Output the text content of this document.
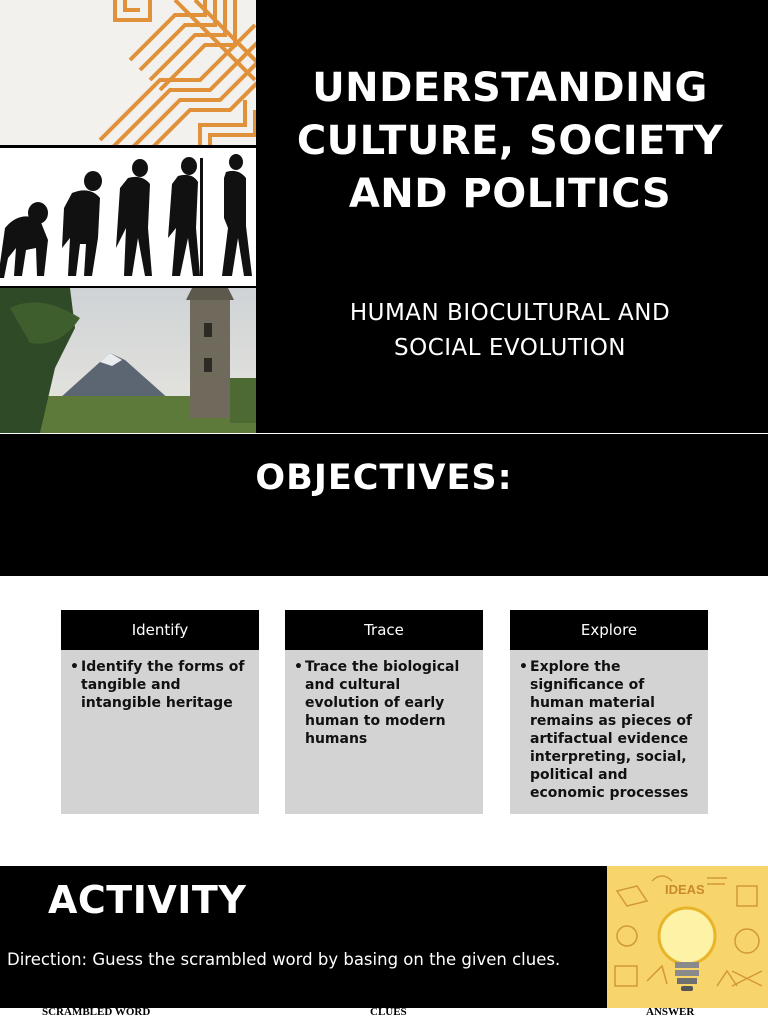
UNDERSTANDING
CULTURE, SOCIETY
AND POLITICS
HUMAN BIOCULTURAL AND
SOCIAL EVOLUTION
OBJECTIVES:
Identify
• Identify the forms of tangible and intangible heritage
Trace
• Trace the biological and cultural evolution of early human to modern humans
Explore
• Explore the significance of human material remains as pieces of artifactual evidence interpreting, social, political and economic processes
ACTIVITY
Direction: Guess the scrambled word by basing on the given clues.
IDEAS
SCRAMBLED WORD	CLUES	ANSWER
